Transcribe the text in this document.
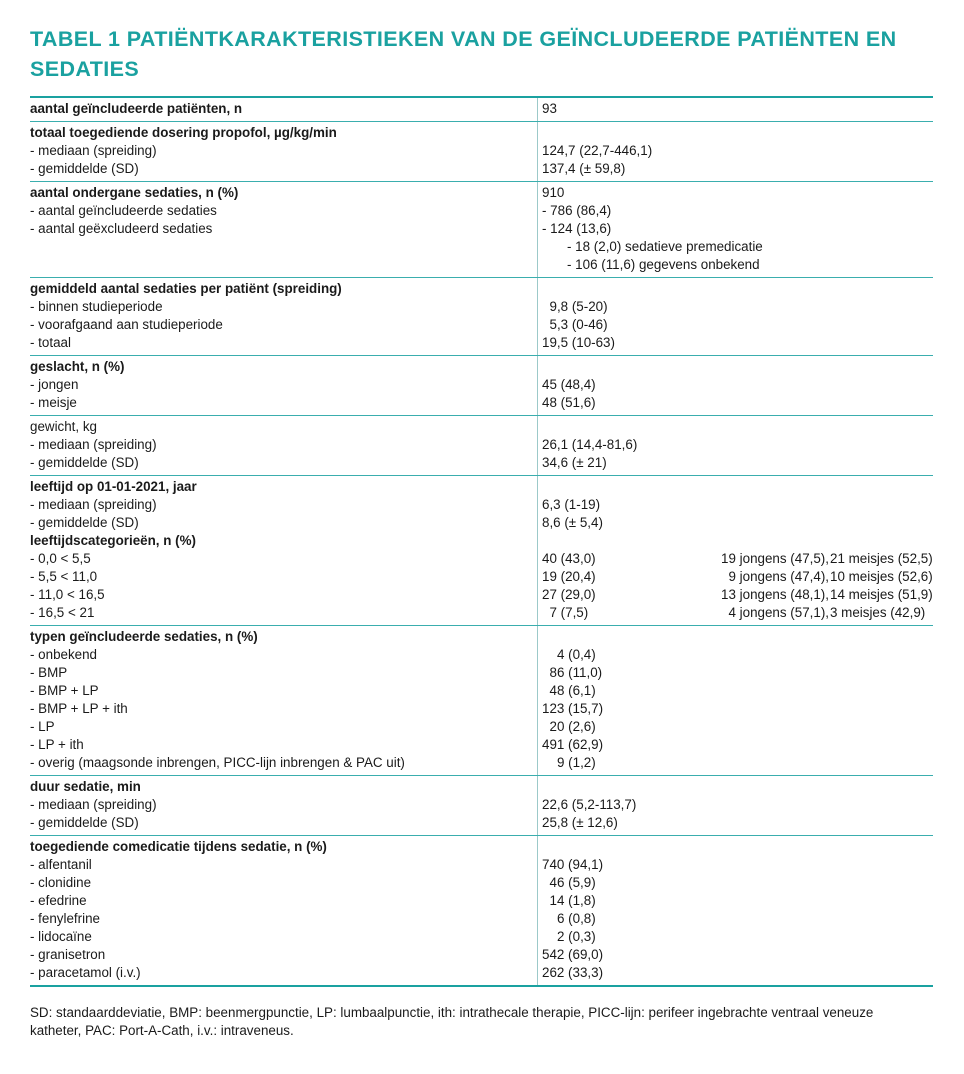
TABEL 1 PATIËNTKARAKTERISTIEKEN VAN DE GEÏNCLUDEERDE PATIËNTEN EN SEDATIES
aantal geïncludeerde patiënten, n	93
totaal toegediende dosering propofol, µg/kg/min
- mediaan (spreiding)	124,7 (22,7-446,1)
- gemiddelde (SD)	137,4 (± 59,8)
aantal ondergane sedaties, n (%)	910
- aantal geïncludeerde sedaties	- 786 (86,4)
- aantal geëxcludeerd sedaties	- 124 (13,6)
- 18 (2,0) sedatieve premedicatie
- 106 (11,6) gegevens onbekend
gemiddeld aantal sedaties per patiënt (spreiding)
- binnen studieperiode	9,8 (5-20)
- voorafgaand aan studieperiode	5,3 (0-46)
- totaal	19,5 (10-63)
geslacht, n (%)
- jongen	45 (48,4)
- meisje	48 (51,6)
gewicht, kg
- mediaan (spreiding)	26,1 (14,4-81,6)
- gemiddelde (SD)	34,6 (± 21)
leeftijd op 01-01-2021, jaar
- mediaan (spreiding)	6,3 (1-19)
- gemiddelde (SD)	8,6 (± 5,4)
leeftijdscategorieën, n (%)
- 0,0 < 5,5	40 (43,0)	19 jongens (47,5), 21 meisjes (52,5)
- 5,5 < 11,0	19 (20,4)	9 jongens (47,4), 10 meisjes (52,6)
- 11,0 < 16,5	27 (29,0)	13 jongens (48,1), 14 meisjes (51,9)
- 16,5 < 21	7 (7,5)	4 jongens (57,1), 3 meisjes (42,9)
typen geïncludeerde sedaties, n (%)
- onbekend	4 (0,4)
- BMP	86 (11,0)
- BMP + LP	48 (6,1)
- BMP + LP + ith	123 (15,7)
- LP	20 (2,6)
- LP + ith	491 (62,9)
- overig (maagsonde inbrengen, PICC-lijn inbrengen & PAC uit)	9 (1,2)
duur sedatie, min
- mediaan (spreiding)	22,6 (5,2-113,7)
- gemiddelde (SD)	25,8 (± 12,6)
toegediende comedicatie tijdens sedatie, n (%)
- alfentanil	740 (94,1)
- clonidine	46 (5,9)
- efedrine	14 (1,8)
- fenylefrine	6 (0,8)
- lidocaïne	2 (0,3)
- granisetron	542 (69,0)
- paracetamol (i.v.)	262 (33,3)
SD: standaarddeviatie, BMP: beenmergpunctie, LP: lumbaalpunctie, ith: intrathecale therapie, PICC-lijn: perifeer ingebrachte ventraal veneuze katheter, PAC: Port-A-Cath, i.v.: intraveneus.
